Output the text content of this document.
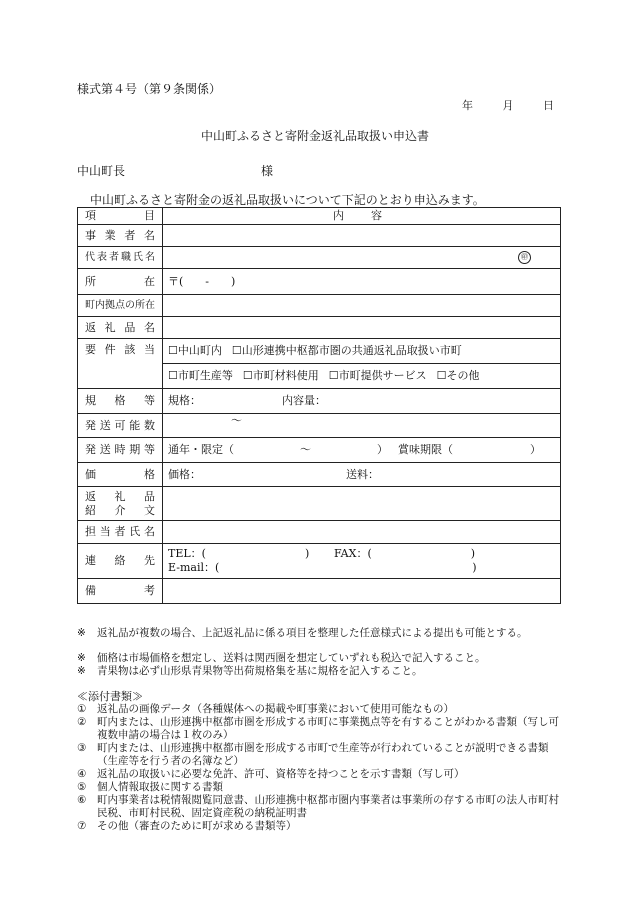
様式第４号（第９条関係）
年 月 日
中山町ふるさと寄附金返礼品取扱い申込書
中山町長	様
中山町ふるさと寄附金の返礼品取扱いについて下記のとおり申込みます。
項　　　目	内　容
事業者名	
代表者職氏名	㊞

所　在	〒(　　-　　)
町内拠点の所在	
返礼品名	
要件該当	☐中山町内 ☐山形連携中枢都市圏の共通返礼品取扱い市町
	☐市町生産等 ☐市町材料使用 ☐市町提供サービス ☐その他
規格等	規格： 内容量：
発送可能数	～
発送時期等	通年・限定（　　　　　　～　　　　　　） 賞味期限（　　　　　　　）
価格	価格： 送料：

返　礼　品
紹　介　文	

担当者氏名	
連絡先	TEL：(　　　　　　　　　) FAX：(　　　　　　　　　)
E-mail：(　　　　　　　　　　　　　　　　　　　　　　　)

備考	
※	返礼品が複数の場合、上記返礼品に係る項目を整理した任意様式による提出も可能とする。
※	価格は市場価格を想定し、送料は関西圏を想定していずれも税込で記入すること。
※	青果物は必ず山形県青果物等出荷規格集を基に規格を記入すること。
≪添付書類≫
①	返礼品の画像データ（各種媒体への掲載や町事業において使用可能なもの）
②	町内または、山形連携中枢都市圏を形成する市町に事業拠点等を有することがわかる書類（写し可　複数申請の場合は１枚のみ）
③	町内または、山形連携中枢都市圏を形成する市町で生産等が行われていることが説明できる書類（生産等を行う者の名簿など）
④	返礼品の取扱いに必要な免許、許可、資格等を持つことを示す書類（写し可）
⑤	個人情報取扱に関する書類
⑥	町内事業者は税情報閲覧同意書、山形連携中枢都市圏内事業者は事業所の存する市町の法人市町村民税、市町村民税、固定資産税の納税証明書
⑦	その他（審査のために町が求める書類等）
